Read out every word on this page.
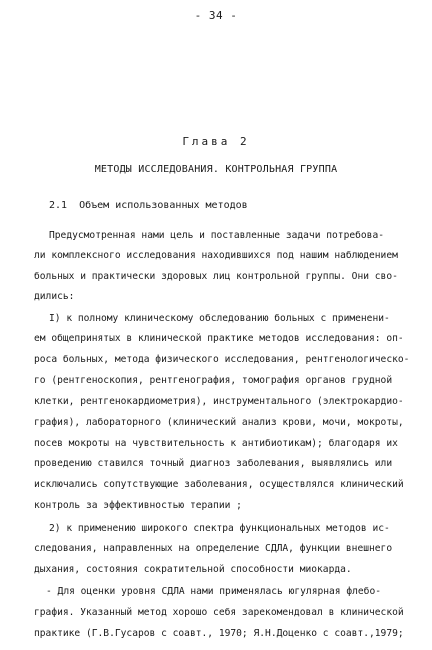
- 34 -
Глава 2
МЕТОДЫ ИССЛЕДОВАНИЯ. КОНТРОЛЬНАЯ ГРУППА
2.1  Объем использованных методов
Предусмотренная нами цель и поставленные задачи потребова-
ли комплексного исследования находившихся под нашим наблюдением
больных и практически здоровых лиц контрольной группы. Они сво-
дились:
I) к полному клиническому обследованию больных с применени-
ем общепринятых в клинической практике методов исследования: оп-
роса больных, метода физического исследования, рентгенологическо-
го (рентгеноскопия, рентгенография, томография органов грудной
клетки, рентгенокардиометрия), инструментального (электрокардио-
графия), лабораторного (клинический анализ крови, мочи, мокроты,
посев мокроты на чувствительность к антибиотикам); благодаря их
проведению ставился точный диагноз заболевания, выявлялись или
исключались сопутствующие заболевания, осуществлялся клинический
контроль за эффективностью терапии ;
2) к применению широкого спектра функциональных методов ис-
следования, направленных на определение СДЛА, функции внешнего
дыхания, состояния сократительной способности миокарда.
- Для оценки уровня СДЛА нами применялась югулярная флебо-
графия. Указанный метод хорошо себя зарекомендовал в клинической
практике (Г.В.Гусаров с соавт., 1970; Я.Н.Доценко с соавт.,1979;
